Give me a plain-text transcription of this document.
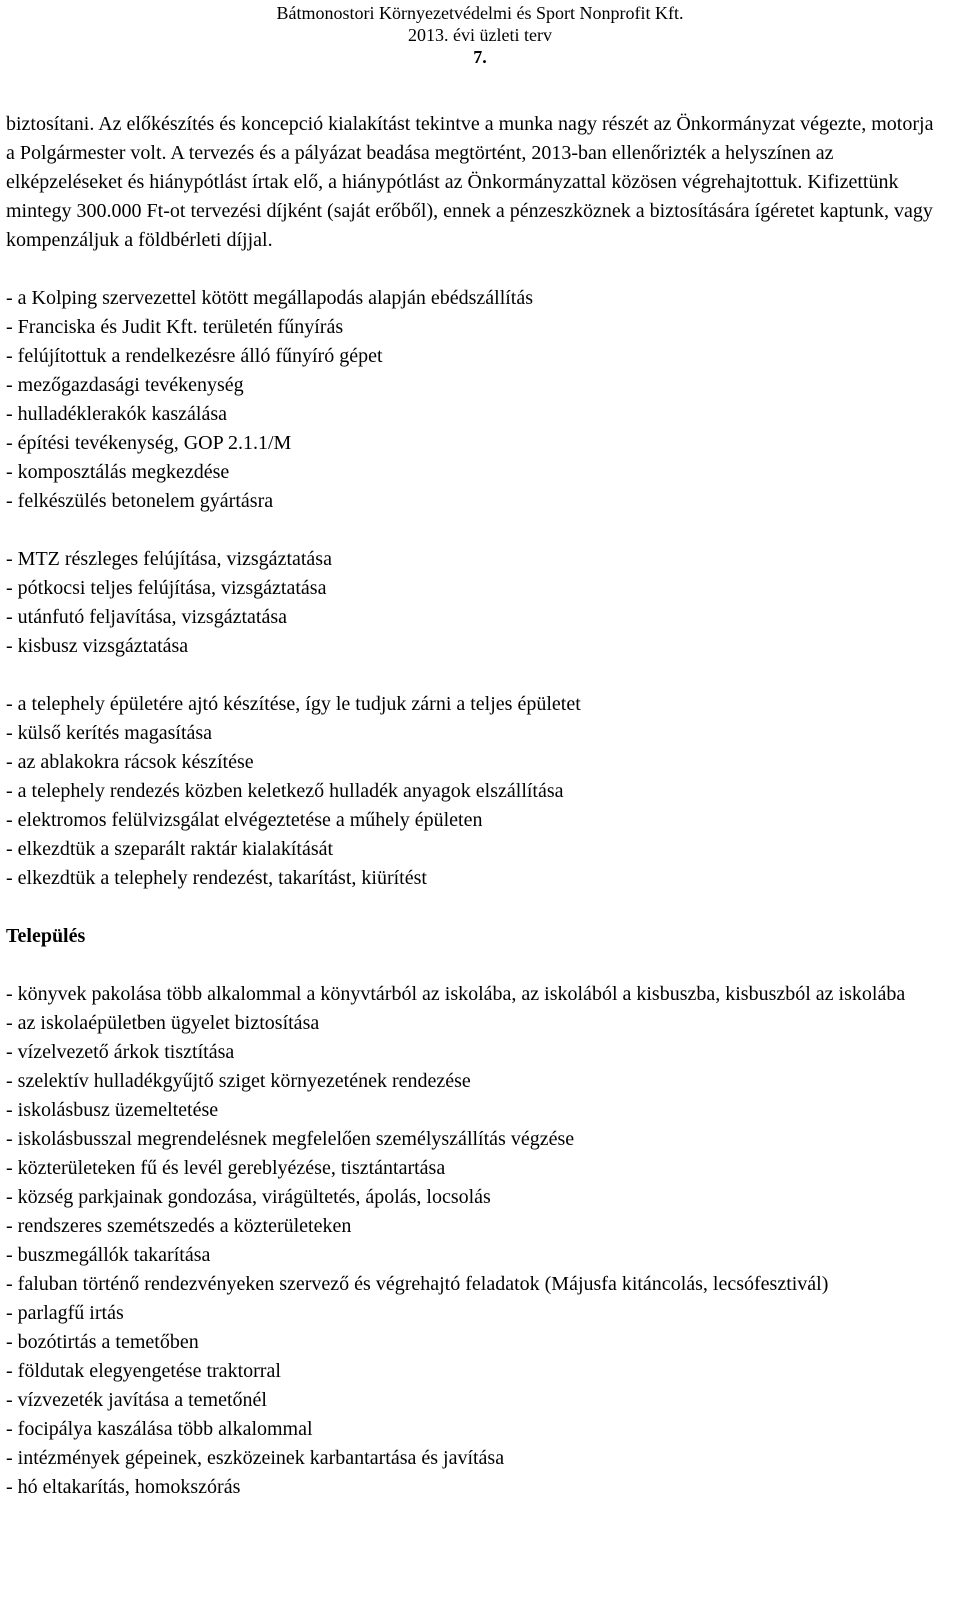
Bátmonostori Környezetvédelmi és Sport Nonprofit Kft.
2013. évi üzleti terv
7.

biztosítani. Az előkészítés és koncepció kialakítást tekintve a munka nagy részét az Önkormányzat végezte, motorja a Polgármester volt. A tervezés és a pályázat beadása megtörtént, 2013-ban ellenőrizték a helyszínen az elképzeléseket és hiánypótlást írtak elő, a hiánypótlást az Önkormányzattal közösen végrehajtottuk. Kifizettünk mintegy 300.000 Ft-ot tervezési díjként (saját erőből), ennek a pénzeszköznek a biztosítására ígéretet kaptunk, vagy kompenzáljuk a földbérleti díjjal.

- a Kolping szervezettel kötött megállapodás alapján ebédszállítás

- Franciska és Judit Kft. területén fűnyírás

- felújítottuk a rendelkezésre álló fűnyíró gépet

- mezőgazdasági tevékenység

- hulladéklerakók kaszálása

- építési tevékenység, GOP 2.1.1/M

- komposztálás megkezdése

- felkészülés betonelem gyártásra

- MTZ részleges felújítása, vizsgáztatása

- pótkocsi teljes felújítása, vizsgáztatása

- utánfutó feljavítása, vizsgáztatása

- kisbusz vizsgáztatása

- a telephely épületére ajtó készítése, így le tudjuk zárni a teljes épületet

- külső kerítés magasítása

- az ablakokra rácsok készítése

- a telephely rendezés közben keletkező hulladék anyagok elszállítása

- elektromos felülvizsgálat elvégeztetése a műhely épületen

- elkezdtük a szeparált raktár kialakítását

- elkezdtük a telephely rendezést, takarítást, kiürítést

Település

- könyvek pakolása több alkalommal a könyvtárból az iskolába, az iskolából a kisbuszba, kisbuszból az iskolába

- az iskolaépületben ügyelet biztosítása

- vízelvezető árkok tisztítása

- szelektív hulladékgyűjtő sziget környezetének rendezése

- iskolásbusz üzemeltetése

- iskolásbusszal megrendelésnek megfelelően személyszállítás végzése

- közterületeken fű és levél gereblyézése, tisztántartása

- község parkjainak gondozása, virágültetés, ápolás, locsolás

- rendszeres szemétszedés a közterületeken

- buszmegállók takarítása

- faluban történő rendezvényeken szervező és végrehajtó feladatok (Májusfa kitáncolás, lecsófesztivál)

- parlagfű irtás

- bozótirtás a temetőben

- földutak elegyengetése traktorral

- vízvezeték javítása a temetőnél

- focipálya kaszálása több alkalommal

- intézmények gépeinek, eszközeinek karbantartása és javítása

- hó eltakarítás, homokszórás
